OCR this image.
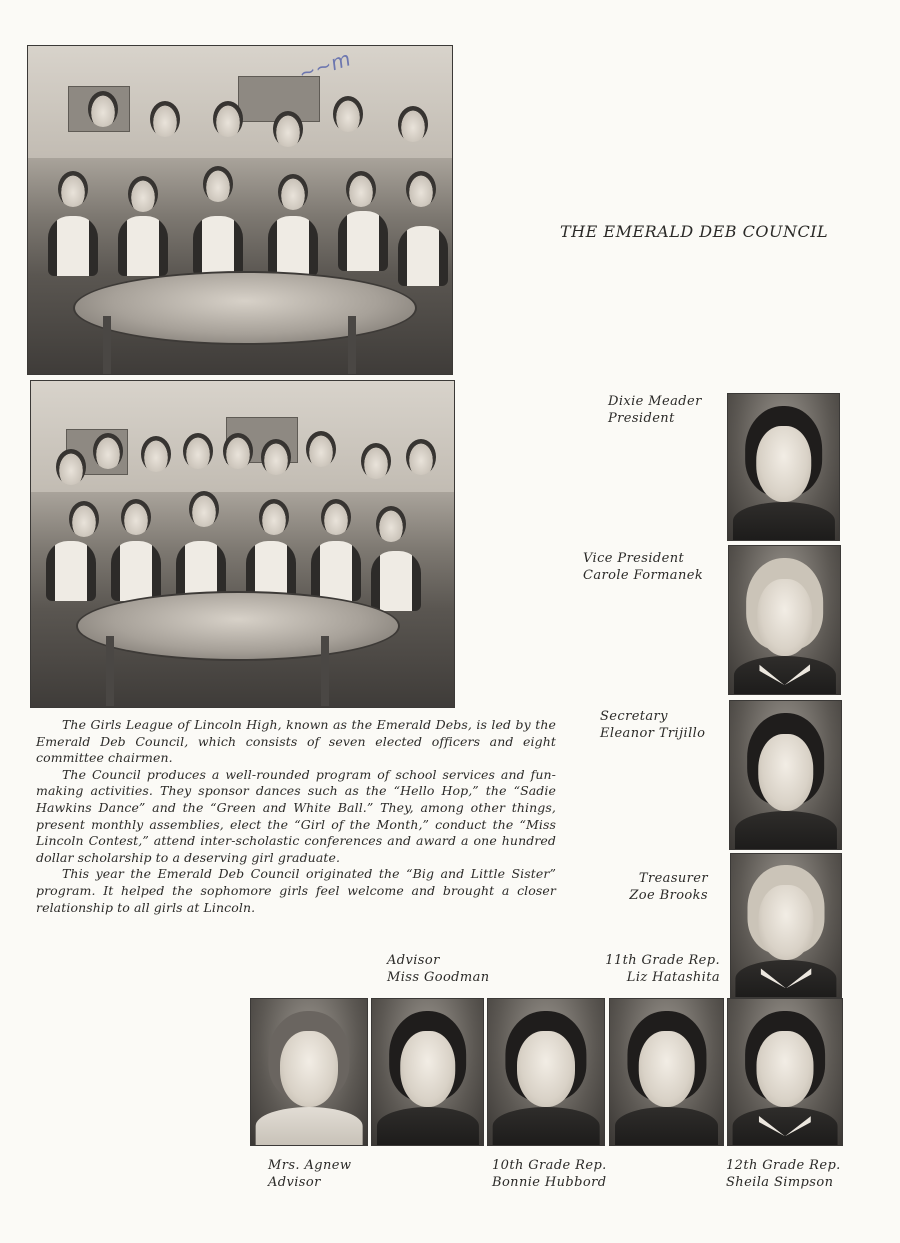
~~m
THE EMERALD DEB COUNCIL
Dixie Meader
President
Vice President
Carole Formanek
Secretary
Eleanor Trijillo
Treasurer
Zoe Brooks
11th Grade Rep.
Liz Hatashita

The Girls League of Lincoln High, known as the Emerald Debs, is led by the Emerald Deb Council, which consists of seven elected officers and eight committee chairmen.

The Council produces a well-rounded program of school services and fun-making activities. They sponsor dances such as the “Hello Hop,” the “Sadie Hawkins Dance” and the “Green and White Ball.” They, among other things, present monthly assemblies, elect the “Girl of the Month,” conduct the “Miss Lincoln Contest,” attend inter-scholastic conferences and award a one hundred dollar scholarship to a deserving girl graduate.

This year the Emerald Deb Council originated the “Big and Little Sister” program. It helped the sophomore girls feel welcome and brought a closer relationship to all girls at Lincoln.

Advisor
Miss Goodman
Mrs. Agnew
Advisor
10th Grade Rep.
Bonnie Hubbord
12th Grade Rep.
Sheila Simpson
